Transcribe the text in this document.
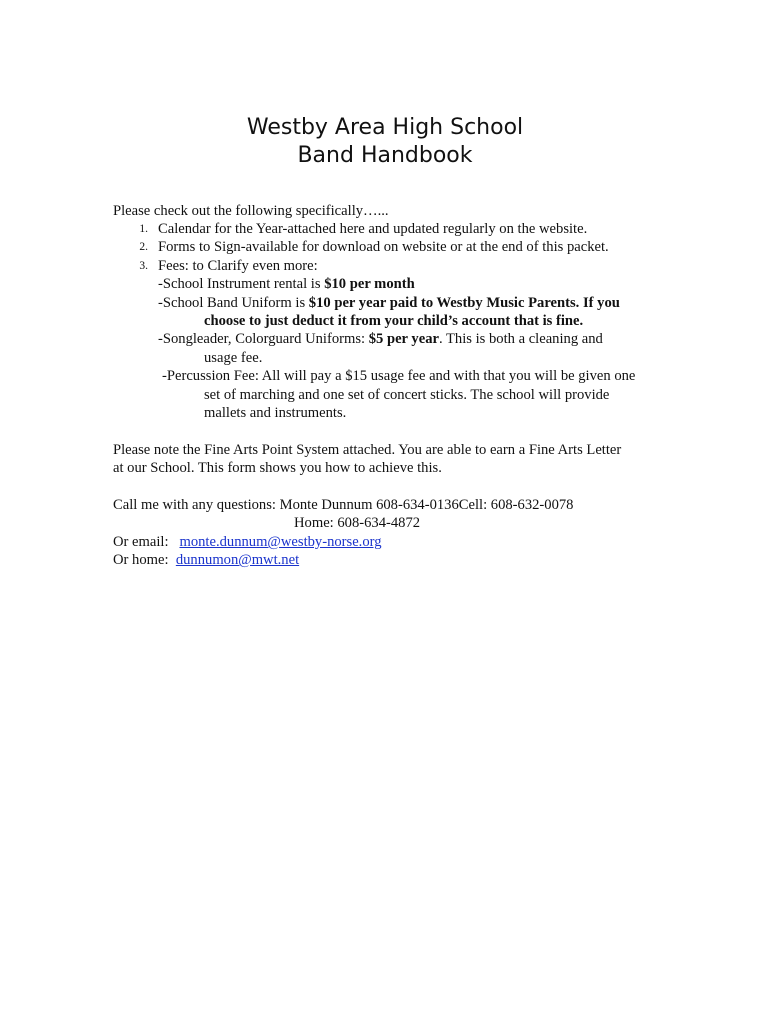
Westby Area High School
Band Handbook
Please check out the following specifically…...
1. Calendar for the Year-attached here and updated regularly on the website.
2. Forms to Sign-available for download on website or at the end of this packet.
3. Fees: to Clarify even more:
-School Instrument rental is $10 per month
-School Band Uniform is $10 per year paid to Westby Music Parents. If you
choose to just deduct it from your child’s account that is fine.
-Songleader, Colorguard Uniforms: $5 per year. This is both a cleaning and
usage fee.
-Percussion Fee: All will pay a $15 usage fee and with that you will be given one
set of marching and one set of concert sticks. The school will provide
mallets and instruments.
Please note the Fine Arts Point System attached. You are able to earn a Fine Arts Letter
at our School. This form shows you how to achieve this.
Call me with any questions: Monte Dunnum 608-634-0136Cell: 608-632-0078
Home: 608-634-4872
Or email:   monte.dunnum@westby-norse.org
Or home:  dunnumon@mwt.net
